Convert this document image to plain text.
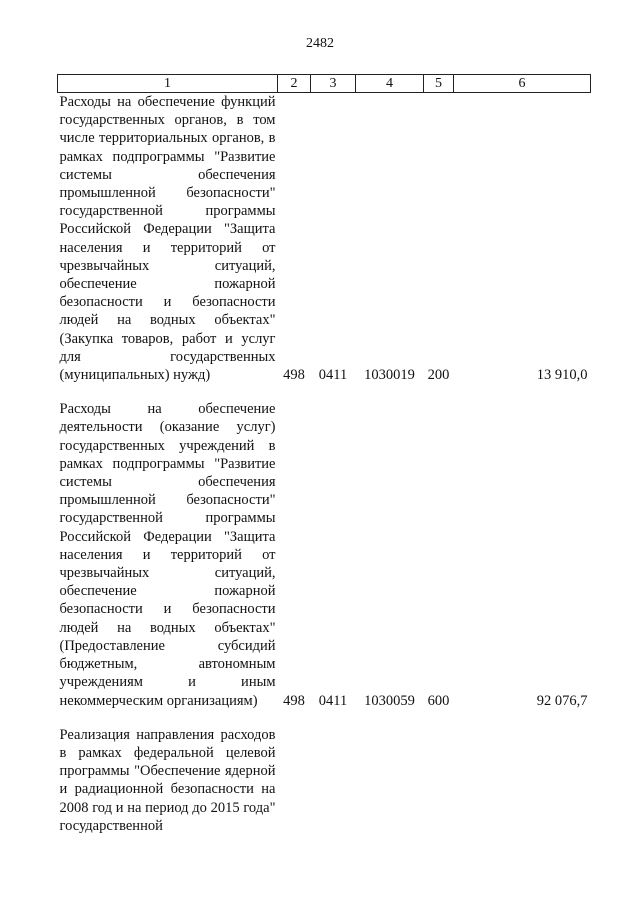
2482
1	2	3	4	5	6
Расходы на обеспечение функций государственных органов, в том числе территориальных органов, в рамках подпрограммы "Развитие системы обеспечения промышленной безопасности" государственной программы Российской Федерации "Защита населения и территорий от чрезвычайных ситуаций, обеспечение пожарной безопасности и безопасности людей на водных объектах" (Закупка товаров, работ и услуг для государственных (муниципальных) нужд)	498	0411	1030019	200	13 910,0
Расходы на обеспечение деятельности (оказание услуг) государственных учреждений в рамках подпрограммы "Развитие системы обеспечения промышленной безопасности" государственной программы Российской Федерации "Защита населения и территорий от чрезвычайных ситуаций, обеспечение пожарной безопасности и безопасности людей на водных объектах" (Предоставление субсидий бюджетным, автономным учреждениям и иным некоммерческим организациям)	498	0411	1030059	600	92 076,7
Реализация направления расходов в рамках федеральной целевой программы "Обеспечение ядерной и радиационной безопасности на 2008 год и на период до 2015 года" государственной					
